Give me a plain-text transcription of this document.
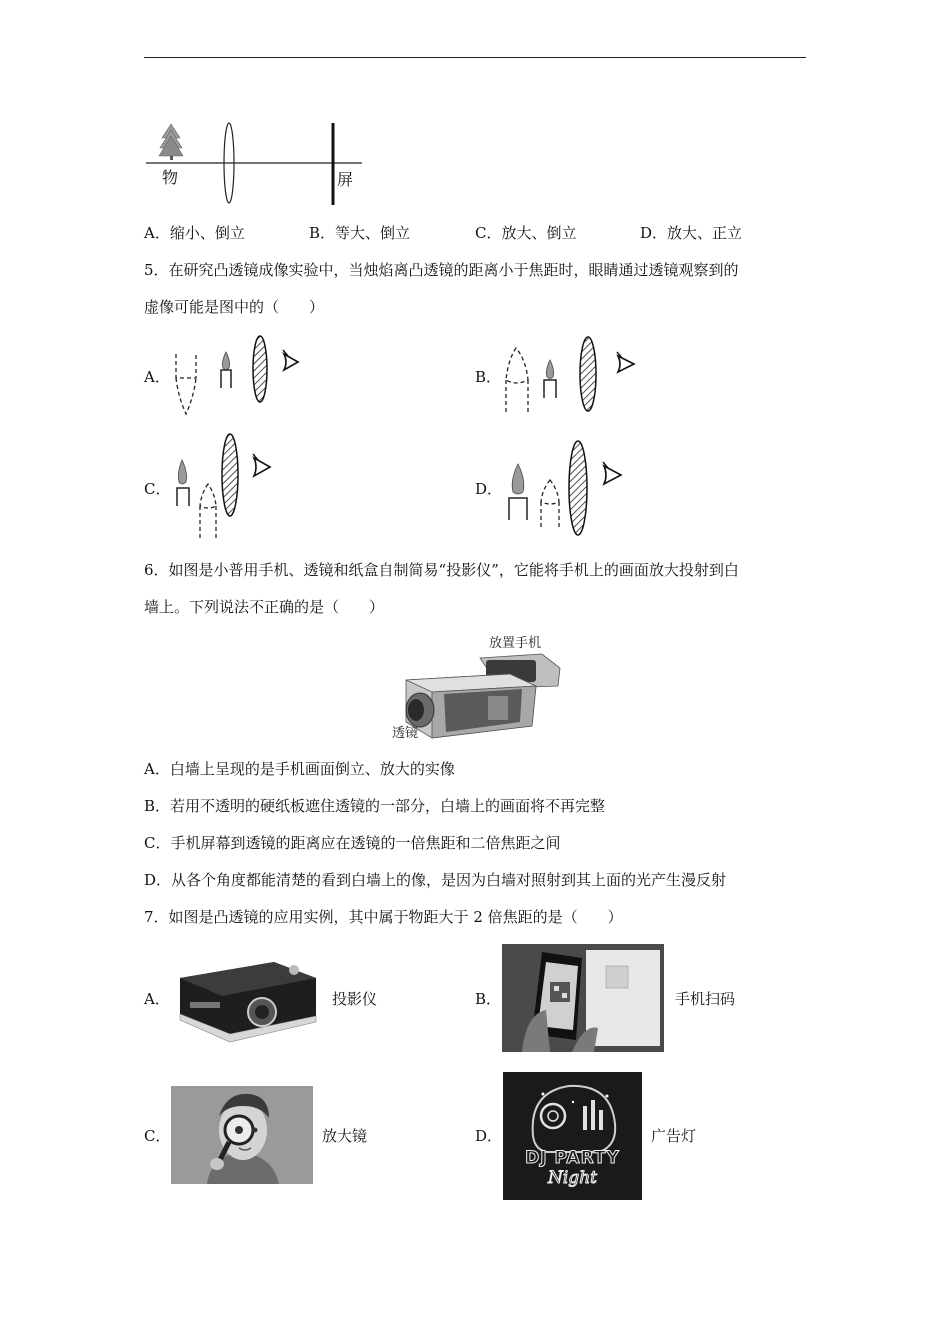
物	屏
A．缩小、倒立	B．等大、倒立	C．放大、倒立	D．放大、正立
5．在研究凸透镜成像实验中，当烛焰离凸透镜的距离小于焦距时，眼睛通过透镜观察到的
虚像可能是图中的（　　）
A．	B．
C．	D．
6．如图是小普用手机、透镜和纸盒自制简易“投影仪”，它能将手机上的画面放大投射到白
墙上。下列说法不正确的是（　　）
放置手机
透镜
A．白墙上呈现的是手机画面倒立、放大的实像
B．若用不透明的硬纸板遮住透镜的一部分，白墙上的画面将不再完整
C．手机屏幕到透镜的距离应在透镜的一倍焦距和二倍焦距之间
D．从各个角度都能清楚的看到白墙上的像，是因为白墙对照射到其上面的光产生漫反射
7．如图是凸透镜的应用实例，其中属于物距大于 2 倍焦距的是（　　）
A．	投影仪	B．	手机扫码
C．	放大镜	D．
DJ PARTY
Night
广告灯
